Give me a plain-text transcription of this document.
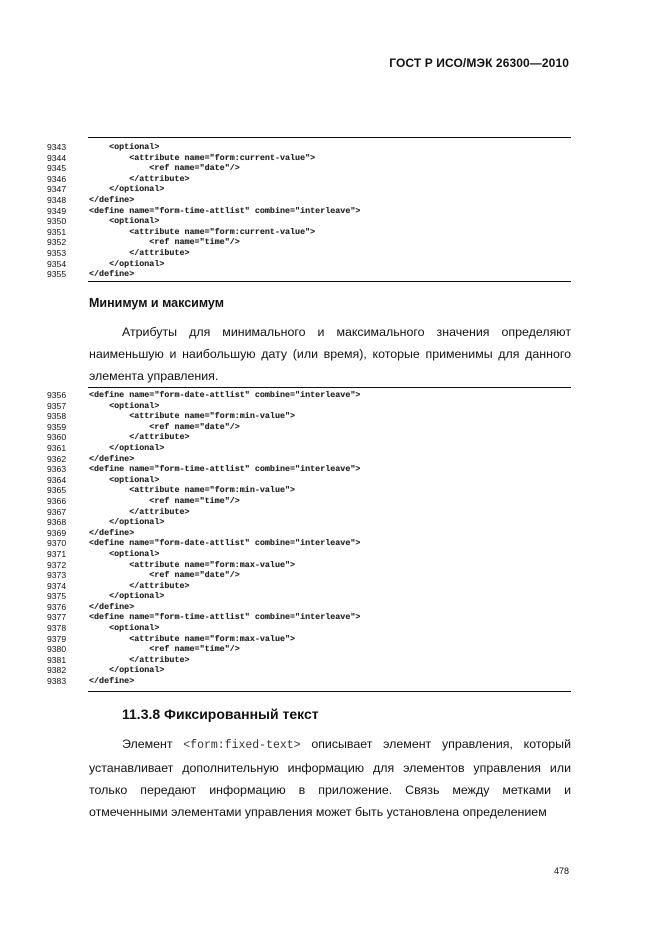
ГОСТ Р ИСО/МЭК 26300—2010
9343	<optional>
9344	<attribute name="form:current-value">
9345	<ref name="date"/>
9346	</attribute>
9347	</optional>
9348	</define>
9349	<define name="form-time-attlist" combine="interleave">
9350	<optional>
9351	<attribute name="form:current-value">
9352	<ref name="time"/>
9353	</attribute>
9354	</optional>
9355	</define>
Минимум и максимум
Атрибуты для минимального и максимального значения определяют наименьшую и наибольшую дату (или время), которые применимы для данного элемента управления.
9356	<define name="form-date-attlist" combine="interleave">
9357	<optional>
9358	<attribute name="form:min-value">
9359	<ref name="date"/>
9360	</attribute>
9361	</optional>
9362	</define>
9363	<define name="form-time-attlist" combine="interleave">
9364	<optional>
9365	<attribute name="form:min-value">
9366	<ref name="time"/>
9367	</attribute>
9368	</optional>
9369	</define>
9370	<define name="form-date-attlist" combine="interleave">
9371	<optional>
9372	<attribute name="form:max-value">
9373	<ref name="date"/>
9374	</attribute>
9375	</optional>
9376	</define>
9377	<define name="form-time-attlist" combine="interleave">
9378	<optional>
9379	<attribute name="form:max-value">
9380	<ref name="time"/>
9381	</attribute>
9382	</optional>
9383	</define>
11.3.8 Фиксированный текст
Элемент <form:fixed-text> описывает элемент управления, который устанавливает дополнительную информацию для элементов управления или только передают информацию в приложение. Связь между метками и отмеченными элементами управления может быть установлена определением
478
